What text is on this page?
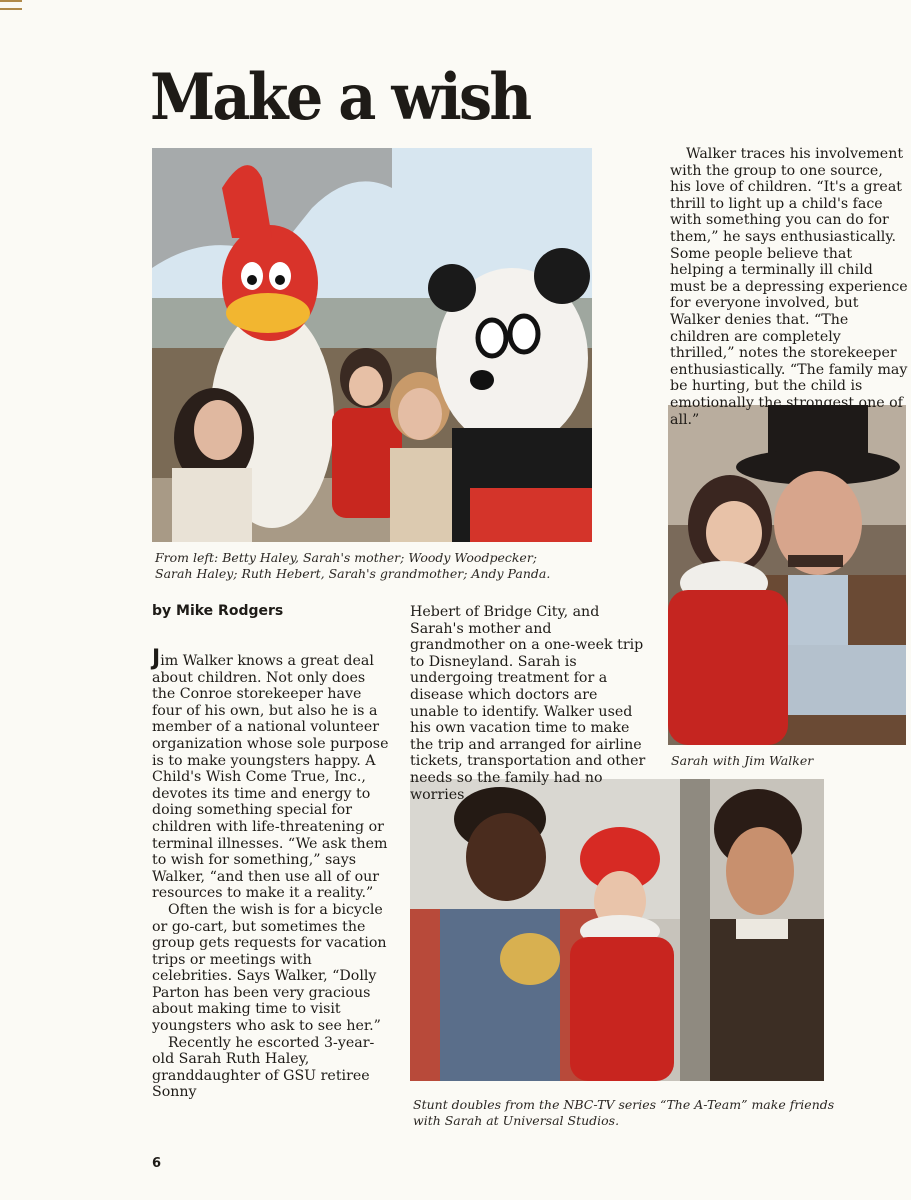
Make a wish

From left: Betty Haley, Sarah's mother; Woody Woodpecker; Sarah Haley; Ruth Hebert, Sarah's grandmother; Andy Panda.

Sarah with Jim Walker

Stunt doubles from the NBC-TV series “The A-Team” make friends with Sarah at Universal Studios.

by Mike Rodgers

Jim Walker knows a great deal about children. Not only does the Conroe storekeeper have four of his own, but also he is a member of a national volunteer organization whose sole purpose is to make youngsters happy. A Child's Wish Come True, Inc., devotes its time and energy to doing something special for children with life-threatening or terminal illnesses. “We ask them to wish for something,” says Walker, “and then use all of our resources to make it a reality.”

Often the wish is for a bicycle or go-cart, but sometimes the group gets requests for vacation trips or meetings with celebrities. Says Walker, “Dolly Parton has been very gracious about making time to visit youngsters who ask to see her.”

Recently he escorted 3-year-old Sarah Ruth Haley, granddaughter of GSU retiree Sonny

Hebert of Bridge City, and Sarah's mother and grandmother on a one-week trip to Disneyland. Sarah is undergoing treatment for a disease which doctors are unable to identify. Walker used his own vacation time to make the trip and arranged for airline tickets, transportation and other needs so the family had no worries.

Walker traces his involvement with the group to one source, his love of children. “It's a great thrill to light up a child's face with something you can do for them,” he says enthusiastically. Some people believe that helping a terminally ill child must be a depressing experience for everyone involved, but Walker denies that. “The children are completely thrilled,” notes the storekeeper enthusiastically. “The family may be hurting, but the child is emotionally the strongest one of all.”

6
